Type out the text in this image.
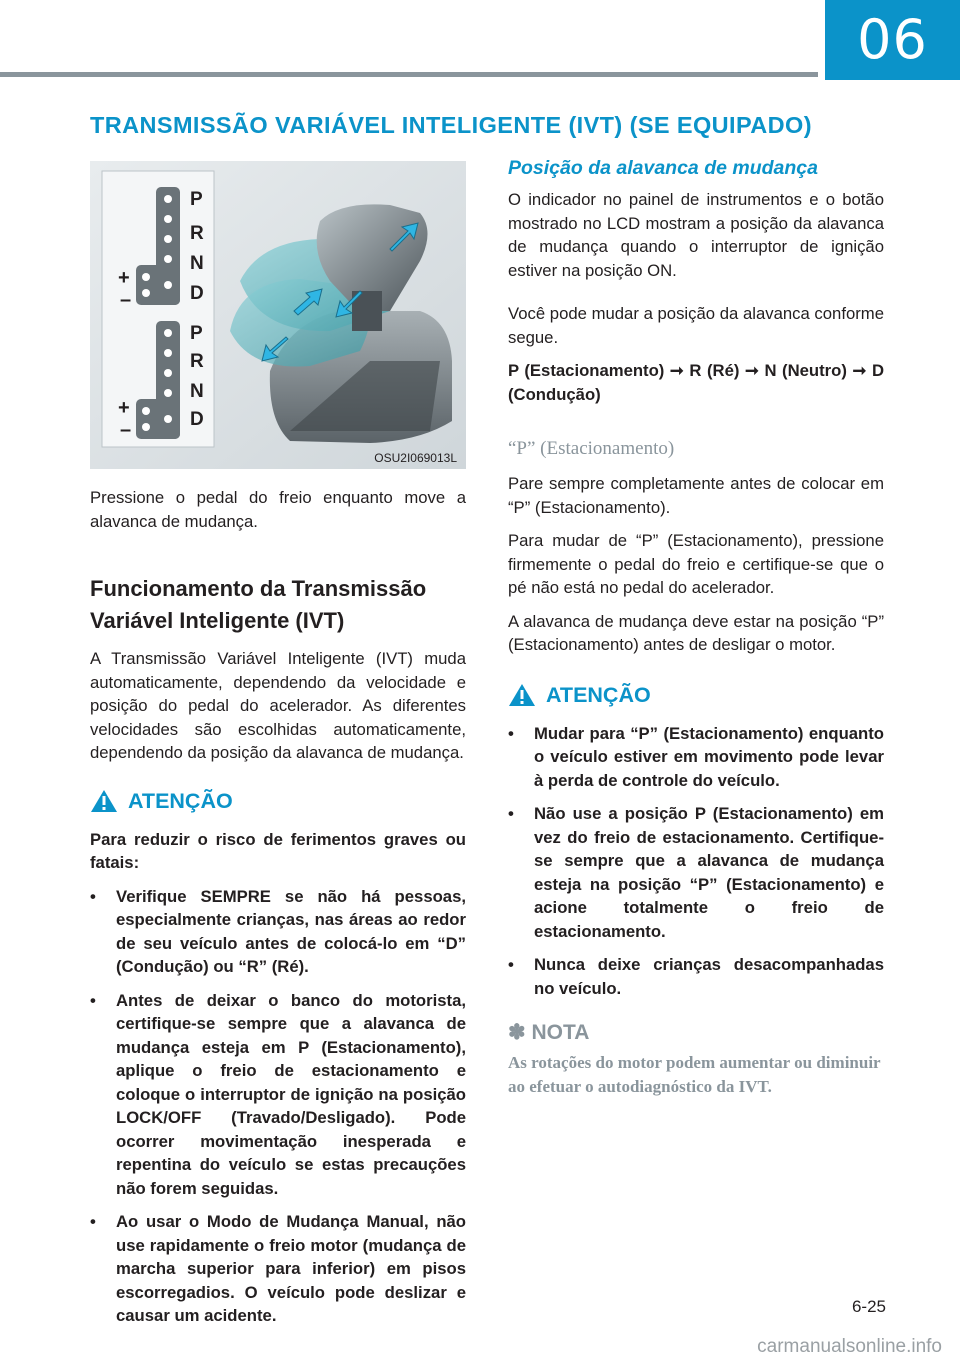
06
TRANSMISSÃO VARIÁVEL INTELIGENTE (IVT) (SE EQUIPADO)
P
R
N
D
+
–
P
R
N
D
+
–
OSU2I069013L

Pressione o pedal do freio enquanto move a alavanca de mudança.

Funcionamento da Transmissão Variável Inteligente (IVT)

A Transmissão Variável Inteligente (IVT) muda automaticamente, dependendo da velocidade e posição do pedal do acelerador. As diferentes velocidades são escolhidas automaticamente, dependendo da posição da alavanca de mudança.

ATENÇÃO

Para reduzir o risco de ferimentos graves ou fatais:

• Verifique SEMPRE se não há pessoas, especialmente crianças, nas áreas ao redor de seu veículo antes de colocá-lo em “D” (Condução) ou “R” (Ré).
• Antes de deixar o banco do motorista, certifique-se sempre que a alavanca de mudança esteja em P (Estacionamento), aplique o freio de estacionamento e coloque o interruptor de ignição na posição LOCK/OFF (Travado/Desligado). Pode ocorrer movimentação inesperada e repentina do veículo se estas precauções não forem seguidas.
• Ao usar o Modo de Mudança Manual, não use rapidamente o freio motor (mudança de marcha superior para inferior) em pisos escorregadios. O veículo pode deslizar e causar um acidente.

Posição da alavanca de mudança

O indicador no painel de instrumentos e o botão mostrado no LCD mostram a posição da alavanca de mudança quando o interruptor de ignição estiver na posição ON.

Você pode mudar a posição da alavanca conforme segue.

P (Estacionamento) ➞ R (Ré) ➞ N (Neutro) ➞ D (Condução)

“P” (Estacionamento)

Pare sempre completamente antes de colocar em “P” (Estacionamento).

Para mudar de “P” (Estacionamento), pressione firmemente o pedal do freio e certifique-se que o pé não está no pedal do acelerador.

A alavanca de mudança deve estar na posição “P” (Estacionamento) antes de desligar o motor.

ATENÇÃO
• Mudar para “P” (Estacionamento) enquanto o veículo estiver em movimento pode levar à perda de controle do veículo.
• Não use a posição P (Estacionamento) em vez do freio de estacionamento. Certifique-se sempre que a alavanca de mudança esteja na posição “P” (Estacionamento) e acione totalmente o freio de estacionamento.
• Nunca deixe crianças desacompanhadas no veículo.
✽ NOTA

As rotações do motor podem aumentar ou diminuir ao efetuar o autodiagnóstico da IVT.

6-25
carmanualsonline.info
